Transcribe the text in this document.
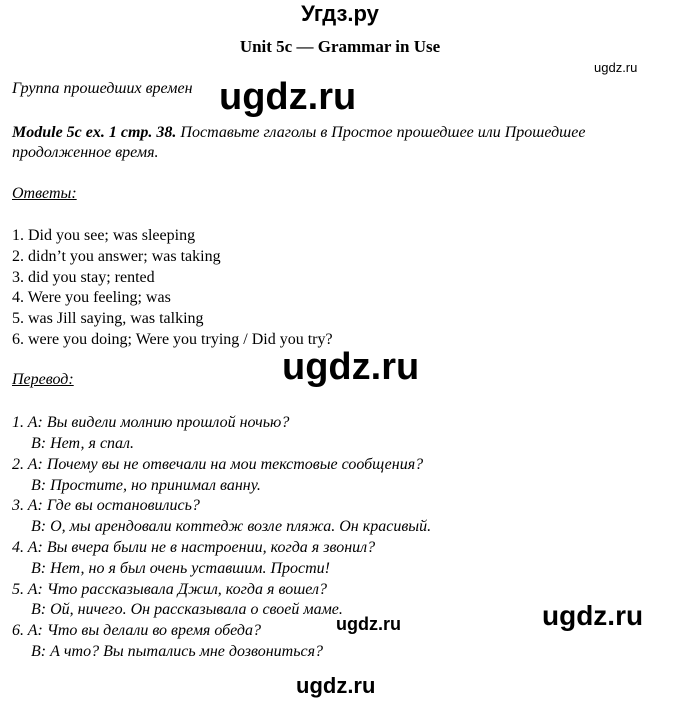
Угдз.ру
Unit 5c — Grammar in Use
ugdz.ru
Группа прошедших времен ugdz.ru
Module 5c ex. 1 стр. 38. Поставьте глаголы в Простое прошедшее или Прошедшее
продолженное время.
Ответы:
1. Did you see; was sleeping
2. didn’t you answer; was taking
3. did you stay; rented
4. Were you feeling; was
5. was Jill saying, was talking
6. were you doing; Were you trying / Did you try?
ugdz.ru
Перевод:
1. A: Вы видели молнию прошлой ночью?
B: Нет, я спал.
2. A: Почему вы не отвечали на мои текстовые сообщения?
B: Простите, но принимал ванну.
3. A: Где вы остановились?
B: О, мы арендовали коттедж возле пляжа. Он красивый.
4. A: Вы вчера были не в настроении, когда я звонил?
B: Нет, но я был очень уставшим. Прости!
5. A: Что рассказывала Джил, когда я вошел?
B: Ой, ничего. Он рассказывала о своей маме.
6. A: Что вы делали во время обеда?
B: А что? Вы пытались мне дозвониться?
ugdz.ru	ugdz.ru
ugdz.ru
